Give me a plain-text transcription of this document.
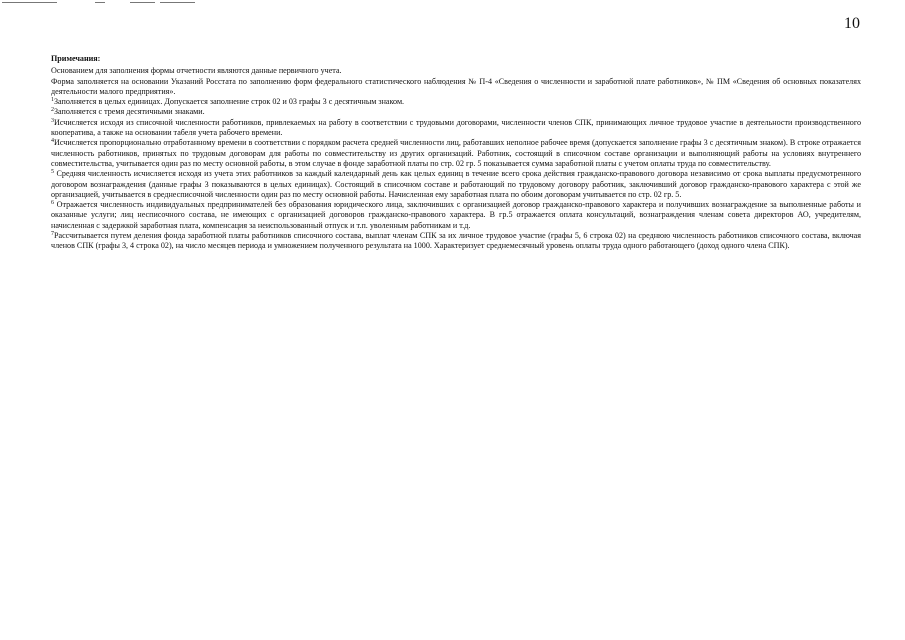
10
Примечания:

Основанием для заполнения формы отчетности являются данные первичного учета.

Форма заполняется на основании Указаний Росстата по заполнению форм федерального статистического наблюдения № П-4 «Сведения о численности и заработной плате работников», № ПМ «Сведения об основных показателях деятельности малого предприятия».

$^1$Заполняется в целых единицах. Допускается заполнение строк 02 и 03 графы 3 с десятичным знаком.

$^2$Заполняется с тремя десятичными знаками.

$^3$Исчисляется исходя из списочной численности работников, привлекаемых на работу в соответствии с трудовыми договорами, численности членов СПК, принимающих личное трудовое участие в деятельности производственного кооператива, а также на основании табеля учета рабочего времени.

$^4$Исчисляется пропорционально отработанному времени в соответствии с порядком расчета средней численности лиц, работавших неполное рабочее время (допускается заполнение графы 3 с десятичным знаком). В строке отражается численность работников, принятых по трудовым договорам для работы по совместительству из других организаций. Работник, состоящий в списочном составе организации и выполняющий работы на условиях внутреннего совместительства, учитывается один раз по месту основной работы, в этом случае в фонде заработной платы по стр. 02 гр. 5 показывается сумма заработной платы с учетом оплаты труда по совместительству.

$^5$ Средняя численность исчисляется исходя из учета этих работников за каждый календарный день как целых единиц в течение всего срока действия гражданско-правового договора независимо от срока выплаты предусмотренного договором вознаграждения (данные графы 3 показываются в целых единицах). Состоящий в списочном составе и работающий по трудовому договору работник, заключивший договор гражданско-правового характера с этой же организацией, учитывается в среднесписочной численности один раз по месту основной работы. Начисленная ему заработная плата по обоим договорам учитывается по стр. 02 гр. 5.

$^6$ Отражается численность индивидуальных предпринимателей без образования юридического лица, заключивших с организацией договор гражданско-правового характера и получивших вознаграждение за выполненные работы и оказанные услуги; лиц несписочного состава, не имеющих с организацией договоров гражданско-правового характера. В гр.5 отражается оплата консультаций, вознаграждения членам совета директоров АО, учредителям, начисленная с задержкой заработная плата, компенсация за неиспользованный отпуск и т.п. уволенным работникам и т.д.

$^7$Рассчитывается путем деления фонда заработной платы работников списочного состава, выплат членам СПК за их личное трудовое участие (графы 5, 6 строка 02) на среднюю численность работников списочного состава, включая членов СПК (графы 3, 4 строка 02), на число месяцев периода и умножением полученного результата на 1000. Характеризует среднемесячный уровень оплаты труда одного работающего (доход одного члена СПК).
